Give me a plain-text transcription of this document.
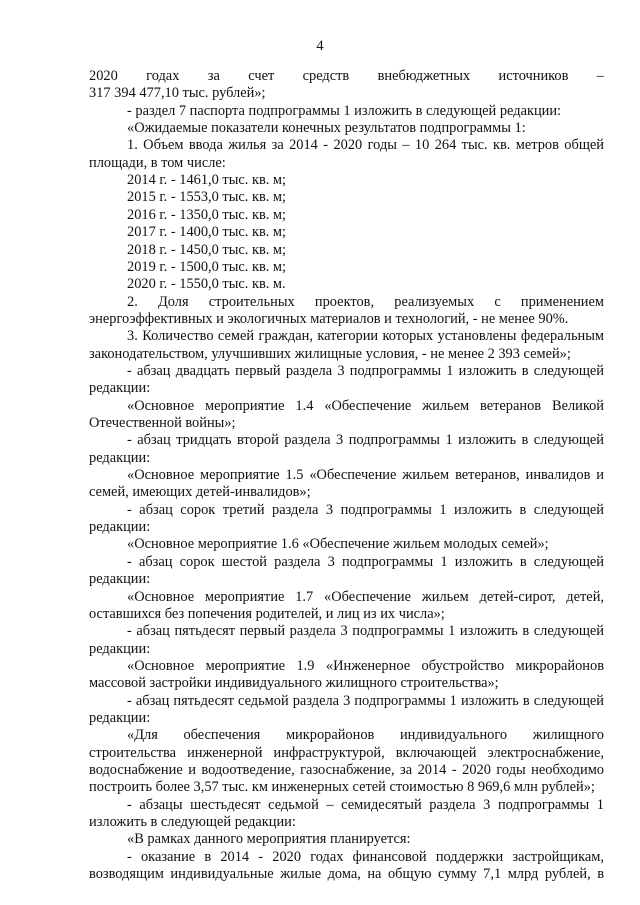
4
2020 годах за счет средств внебюджетных источников –
317 394 477,10 тыс. рублей»;
- раздел 7 паспорта подпрограммы 1 изложить в следующей редакции:
«Ожидаемые показатели конечных результатов подпрограммы 1:
1. Объем ввода жилья за 2014 - 2020 годы – 10 264 тыс. кв. метров общей
площади, в том числе:
2014 г. - 1461,0 тыс. кв. м;
2015 г. - 1553,0 тыс. кв. м;
2016 г. - 1350,0 тыс. кв. м;
2017 г. - 1400,0 тыс. кв. м;
2018 г. - 1450,0 тыс. кв. м;
2019 г. - 1500,0 тыс. кв. м;
2020 г. - 1550,0 тыс. кв. м.
2. Доля строительных проектов, реализуемых с применением
энергоэффективных и экологичных материалов и технологий, - не менее 90%.
3. Количество семей граждан, категории которых установлены федеральным
законодательством, улучшивших жилищные условия, - не менее 2 393 семей»;
- абзац двадцать первый раздела 3 подпрограммы 1 изложить в следующей
редакции:
«Основное мероприятие 1.4 «Обеспечение жильем ветеранов Великой
Отечественной войны»;
- абзац тридцать второй раздела 3 подпрограммы 1 изложить в следующей
редакции:
«Основное мероприятие 1.5 «Обеспечение жильем ветеранов, инвалидов и
семей, имеющих детей-инвалидов»;
- абзац сорок третий раздела 3 подпрограммы 1 изложить в следующей
редакции:
«Основное мероприятие 1.6 «Обеспечение жильем молодых семей»;
- абзац сорок шестой раздела 3 подпрограммы 1 изложить в следующей
редакции:
«Основное мероприятие 1.7 «Обеспечение жильем детей-сирот, детей,
оставшихся без попечения родителей, и лиц из их числа»;
- абзац пятьдесят первый раздела 3 подпрограммы 1 изложить в следующей
редакции:
«Основное мероприятие 1.9 «Инженерное обустройство микрорайонов
массовой застройки индивидуального жилищного строительства»;
- абзац пятьдесят седьмой раздела 3 подпрограммы 1 изложить в следующей
редакции:
«Для обеспечения микрорайонов индивидуального жилищного
строительства инженерной инфраструктурой, включающей электроснабжение,
водоснабжение и водоотведение, газоснабжение, за 2014 - 2020 годы необходимо
построить более 3,57 тыс. км инженерных сетей стоимостью 8 969,6 млн рублей»;
- абзацы шестьдесят седьмой – семидесятый раздела 3 подпрограммы 1
изложить в следующей редакции:
«В рамках данного мероприятия планируется:
- оказание в 2014 - 2020 годах финансовой поддержки застройщикам,
возводящим индивидуальные жилые дома, на общую сумму 7,1 млрд рублей, в
